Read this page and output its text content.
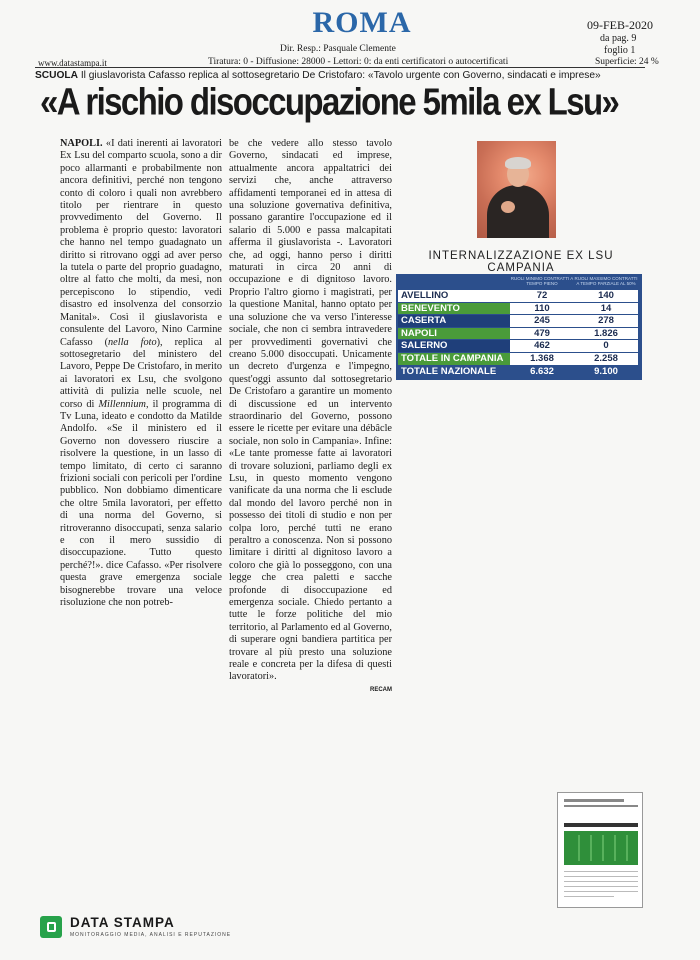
ROMA	09-FEB-2020
da pag. 9
foglio 1
Dir. Resp.: Pasquale Clemente
www.datastampa.it	Tiratura: 0 - Diffusione: 28000 - Lettori: 0: da enti certificatori o autocertificati	Superficie: 24 %
SCUOLA Il giuslavorista Cafasso replica al sottosegretario De Cristofaro: «Tavolo urgente con Governo, sindacati e imprese»
«A rischio disoccupazione 5mila ex Lsu»

NAPOLI. «I dati inerenti ai lavoratori Ex Lsu del comparto scuola, sono a dir poco allarmanti e probabilmente non ancora definitivi, perché non tengono conto di coloro i quali non avrebbero titolo per rientrare in questo provvedimento del Governo. Il problema è proprio questo: lavoratori che hanno nel tempo guadagnato un diritto si ritrovano oggi ad aver perso la tutela o parte del proprio guadagno, oltre al fatto che molti, da mesi, non percepiscono lo stipendio, vedi disastro ed insolvenza del consorzio Manital». Così il giuslavorista e consulente del Lavoro, Nino Carmine Cafasso (nella foto), replica al sottosegretario del ministero del Lavoro, Peppe De Cristofaro, in merito ai lavoratori ex Lsu, che svolgono attività di pulizia nelle scuole, nel corso di Millennium, il programma di Tv Luna, ideato e condotto da Matilde Andolfo. «Se il ministero ed il Governo non dovessero riuscire a risolvere la questione, in un lasso di tempo limitato, di certo ci saranno frizioni sociali con pericoli per l'ordine pubblico. Non dobbiamo dimenticare che oltre 5mila lavoratori, per effetto di una norma del Governo, si ritroveranno disoccupati, senza salario e con il mero sussidio di disoccupazione. Tutto questo perché?!». dice Cafasso. «Per risolvere questa grave emergenza sociale bisognerebbe trovare una veloce risoluzione che non potreb-

be che vedere allo stesso tavolo Governo, sindacati ed imprese, attualmente ancora appaltatrici dei servizi che, anche attraverso affidamenti temporanei ed in attesa di una soluzione governativa definitiva, possano garantire l'occupazione ed il salario di 5.000 e passa malcapitati afferma il giuslavorista -. Lavoratori che, ad oggi, hanno perso i diritti maturati in circa 20 anni di occupazione e di dignitoso lavoro. Proprio l'altro giorno i magistrati, per la questione Manital, hanno optato per una soluzione che va verso l'interesse sociale, che non ci sembra intravedere per provvedimenti governativi che creano 5.000 disoccupati. Unicamente un decreto d'urgenza e l'impegno, quest'oggi assunto dal sottosegretario De Cristofaro a garantire un momento di discussione ed un intervento straordinario del Governo, possono essere le ricette per evitare una débâcle sociale, non solo in Campania». Infine: «Le tante promesse fatte ai lavoratori di trovare soluzioni, parliamo degli ex Lsu, in questo momento vengono vanificate da una norma che li esclude dal mondo del lavoro perché non in possesso dei titoli di studio e non per colpa loro, perché tutti ne erano peraltro a conoscenza. Non si possono limitare i diritti al dignitoso lavoro a coloro che già lo posseggono, con una legge che crea paletti e sacche profonde di disoccupazione ed emergenza sociale. Chiedo pertanto a tutte le forze politiche del mio territorio, al Parlamento ed al Governo, di superare ogni bandiera partitica per trovare al più presto una soluzione reale e concreta per la difesa di questi lavoratori».

RECAM
INTERNALIZZAZIONE EX LSU
CAMPANIA
RUOLI MINIMO CONTRATTI A TEMPO PIENO
RUOLI MASSIMO CONTRATTI A TEMPO PARZIALE AL 50%
AVELLINO	72	140
BENEVENTO	110	14
CASERTA	245	278
NAPOLI	479	1.826
SALERNO	462	0
TOTALE IN CAMPANIA	1.368	2.258
TOTALE NAZIONALE	6.632	9.100
DATA STAMPA
MONITORAGGIO MEDIA, ANALISI E REPUTAZIONE
